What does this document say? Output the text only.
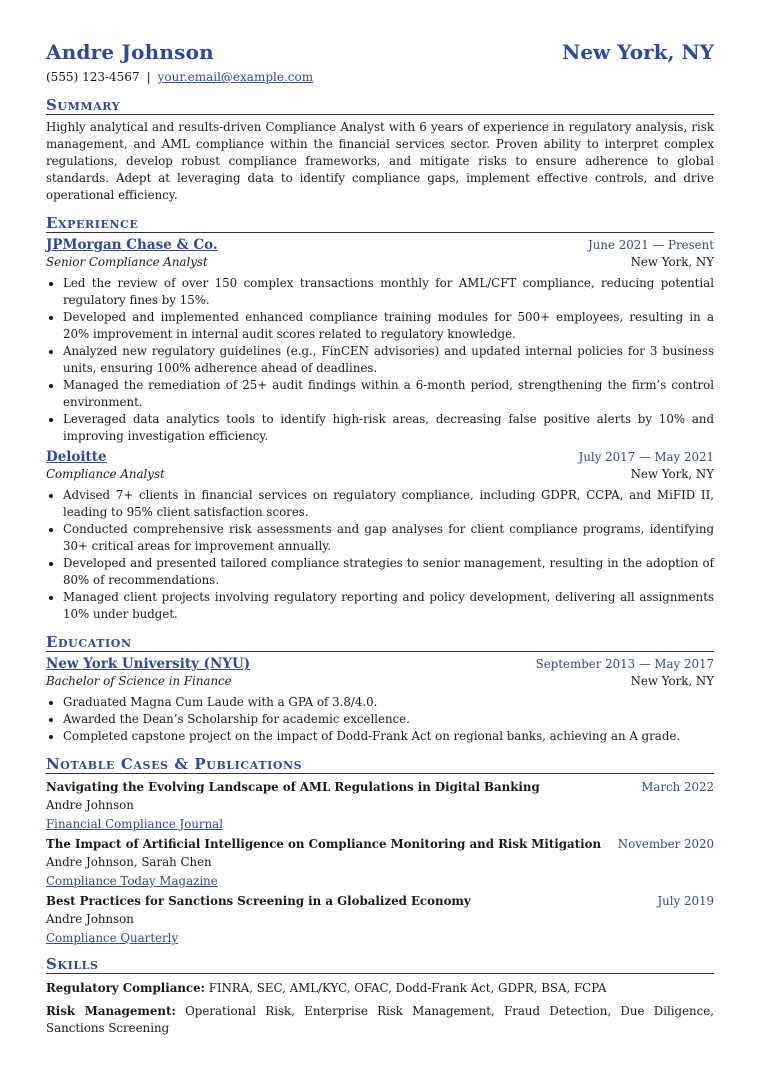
Andre Johnson	New York, NY
(555) 123-4567 | your.email@example.com
Summary
Highly analytical and results-driven Compliance Analyst with 6 years of experience in regulatory analysis, risk management, and AML compliance within the financial services sector. Proven ability to interpret complex regulations, develop robust compliance frameworks, and mitigate risks to ensure adherence to global standards. Adept at leveraging data to identify compliance gaps, implement effective controls, and drive operational efficiency.
Experience
JPMorgan Chase & Co.	June 2021 — Present
Senior Compliance Analyst	New York, NY
• Led the review of over 150 complex transactions monthly for AML/CFT compliance, reducing potential regulatory fines by 15%.
• Developed and implemented enhanced compliance training modules for 500+ employees, resulting in a 20% improvement in internal audit scores related to regulatory knowledge.
• Analyzed new regulatory guidelines (e.g., FinCEN advisories) and updated internal policies for 3 business units, ensuring 100% adherence ahead of deadlines.
• Managed the remediation of 25+ audit findings within a 6-month period, strengthening the firm’s control environment.
• Leveraged data analytics tools to identify high-risk areas, decreasing false positive alerts by 10% and improving investigation efficiency.
Deloitte	July 2017 — May 2021
Compliance Analyst	New York, NY
• Advised 7+ clients in financial services on regulatory compliance, including GDPR, CCPA, and MiFID II, leading to 95% client satisfaction scores.
• Conducted comprehensive risk assessments and gap analyses for client compliance programs, identifying 30+ critical areas for improvement annually.
• Developed and presented tailored compliance strategies to senior management, resulting in the adoption of 80% of recommendations.
• Managed client projects involving regulatory reporting and policy development, delivering all assignments 10% under budget.
Education
New York University (NYU)	September 2013 — May 2017
Bachelor of Science in Finance	New York, NY
• Graduated Magna Cum Laude with a GPA of 3.8/4.0.
• Awarded the Dean’s Scholarship for academic excellence.
• Completed capstone project on the impact of Dodd-Frank Act on regional banks, achieving an A grade.
Notable Cases & Publications
Navigating the Evolving Landscape of AML Regulations in Digital Banking	March 2022
Andre Johnson
Financial Compliance Journal
The Impact of Artificial Intelligence on Compliance Monitoring and Risk Mitigation November 2020
Andre Johnson, Sarah Chen
Compliance Today Magazine
Best Practices for Sanctions Screening in a Globalized Economy	July 2019
Andre Johnson
Compliance Quarterly
Skills
Regulatory Compliance: FINRA, SEC, AML/KYC, OFAC, Dodd-Frank Act, GDPR, BSA, FCPA
Risk Management: Operational Risk, Enterprise Risk Management, Fraud Detection, Due Diligence, Sanctions Screening
